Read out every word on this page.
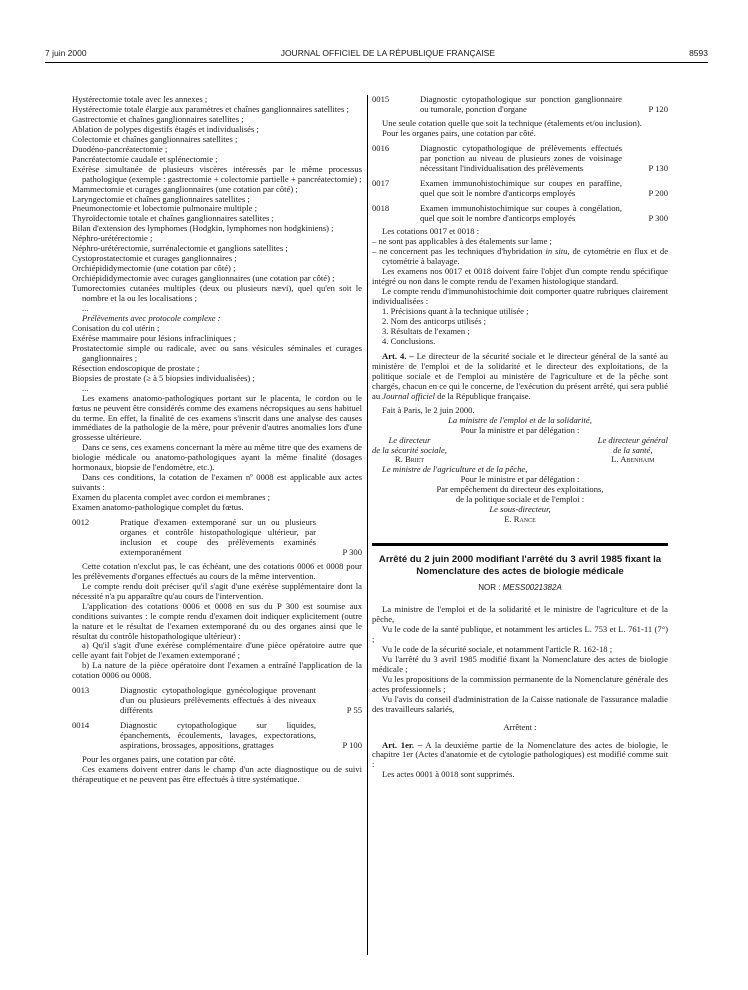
7 juin 2000	JOURNAL OFFICIEL DE LA RÉPUBLIQUE FRANÇAISE	8593

Hystérectomie totale avec les annexes ;

Hystérectomie totale élargie aux paramètres et chaînes ganglionnaires satellites ;

Gastrectomie et chaînes ganglionnaires satellites ;

Ablation de polypes digestifs étagés et individualisés ;

Colectomie et chaînes ganglionnaires satellites ;

Duodéno-pancréatectomie ;

Pancréatectomie caudale et splénectomie ;

Exérèse simultanée de plusieurs viscères intéressés par le même processus pathologique (exemple : gastrectomie + colectomie partielle + pancréatectomie) ;

Mammectomie et curages ganglionnaires (une cotation par côté) ;

Laryngectomie et chaînes ganglionnaires satellites ;

Pneumonectomie et lobectomie pulmonaire multiple ;

Thyroïdectomie totale et chaînes ganglionnaires satellites ;

Bilan d'extension des lymphomes (Hodgkin, lymphomes non hodgkiniens) ;

Néphro-urétérectomie ;

Néphro-urétérectomie, surrénalectomie et ganglions satellites ;

Cystoprostatectomie et curages ganglionnaires ;

Orchiépididymectomie (une cotation par côté) ;

Orchiépididymectomie avec curages ganglionnaires (une cotation par côté) ;

Tumorectomies cutanées multiples (deux ou plusieurs nævi), quel qu'en soit le nombre et la ou les localisations ;

...

Prélèvements avec protocole complexe :

Conisation du col utérin ;

Exérèse mammaire pour lésions infracliniques ;

Prostatectomie simple ou radicale, avec ou sans vésicules séminales et curages ganglionnaires ;

Résection endoscopique de prostate ;

Biopsies de prostate (≥ à 5 biopsies individualisées) ;

...

Les examens anatomo-pathologiques portant sur le placenta, le cordon ou le fœtus ne peuvent être considérés comme des examens nécropsiques au sens habituel du terme. En effet, la finalité de ces examens s'inscrit dans une analyse des causes immédiates de la pathologie de la mère, pour prévenir d'autres anomalies lors d'une grossesse ultérieure.

Dans ce sens, ces examens concernant la mère au même titre que des examens de biologie médicale ou anatomo-pathologiques ayant la même finalité (dosages hormonaux, biopsie de l'endomètre, etc.).

Dans ces conditions, la cotation de l'examen nº 0008 est applicable aux actes suivants :

Examen du placenta complet avec cordon et membranes ;

Examen anatomo-pathologique complet du fœtus.

0012	Pratique d'examen extemporané sur un ou plusieurs organes et contrôle histopathologique ultérieur, par inclusion et coupe des prélèvements examinés extemporanément	P 300

Cette cotation n'exclut pas, le cas échéant, une des cotations 0006 et 0008 pour les prélèvements d'organes effectués au cours de la même intervention.

Le compte rendu doit préciser qu'il s'agit d'une exérèse supplémentaire dont la nécessité n'a pu apparaître qu'au cours de l'intervention.

L'application des cotations 0006 et 0008 en sus du P 300 est soumise aux conditions suivantes : le compte rendu d'examen doit indiquer explicitement (outre la nature et le résultat de l'examen extemporané du ou des organes ainsi que le résultat du contrôle histopathologique ultérieur) :

a) Qu'il s'agit d'une exérèse complémentaire d'une pièce opératoire autre que celle ayant fait l'objet de l'examen extemporané ;

b) La nature de la pièce opératoire dont l'examen a entraîné l'application de la cotation 0006 ou 0008.

0013	Diagnostic cytopathologique gynécologique provenant d'un ou plusieurs prélèvements effectués à des niveaux différents	P 55
0014	Diagnostic cytopathologique sur liquides, épanchements, écoulements, lavages, expectorations, aspirations, brossages, appositions, grattages	P 100

Pour les organes pairs, une cotation par côté.

Ces examens doivent entrer dans le champ d'un acte diagnostique ou de suivi thérapeutique et ne peuvent pas être effectués à titre systématique.

0015	Diagnostic cytopathologique sur ponction ganglionnaire ou tumorale, ponction d'organe	P 120

Une seule cotation quelle que soit la technique (étalements et/ou inclusion).

Pour les organes pairs, une cotation par côté.

0016	Diagnostic cytopathologique de prélèvements effectués par ponction au niveau de plusieurs zones de voisinage nécessitant l'individualisation des prélèvements	P 130
0017	Examen immunohistochimique sur coupes en paraffine, quel que soit le nombre d'anticorps employés	P 200
0018	Examen immunohistochimique sur coupes à congélation, quel que soit le nombre d'anticorps employés	P 300

Les cotations 0017 et 0018 :

– ne sont pas applicables à des étalements sur lame ;

– ne concernent pas les techniques d'hybridation in situ, de cytométrie en flux et de cytométrie à balayage.

Les examens nos 0017 et 0018 doivent faire l'objet d'un compte rendu spécifique intégré ou non dans le compte rendu de l'examen histologique standard.

Le compte rendu d'immunohistochimie doit comporter quatre rubriques clairement individualisées :

1. Précisions quant à la technique utilisée ;
2. Nom des anticorps utilisés ;
3. Résultats de l'examen ;
4. Conclusions.

Art. 4. – Le directeur de la sécurité sociale et le directeur général de la santé au ministère de l'emploi et de la solidarité et le directeur des exploitations, de la politique sociale et de l'emploi au ministère de l'agriculture et de la pêche sont chargés, chacun en ce qui le concerne, de l'exécution du présent arrêté, qui sera publié au Journal officiel de la République française.

Fait à Paris, le 2 juin 2000.

La ministre de l'emploi et de la solidarité,

Pour la ministre et par délégation :

Le directeur

de la sécurité sociale,

R. Briet

Le directeur général

de la santé,

L. Abenhaim

Le ministre de l'agriculture et de la pêche,

Pour le ministre et par délégation :

Par empêchement du directeur des exploitations,

de la politique sociale et de l'emploi :

Le sous-directeur,

E. Rance

Arrêté du 2 juin 2000 modifiant l'arrêté du 3 avril 1985 fixant la Nomenclature des actes de biologie médicale

NOR : MESS0021382A

La ministre de l'emploi et de la solidarité et le ministre de l'agriculture et de la pêche,

Vu le code de la santé publique, et notamment les articles L. 753 et L. 761-11 (7°) ;

Vu le code de la sécurité sociale, et notamment l'article R. 162-18 ;

Vu l'arrêté du 3 avril 1985 modifié fixant la Nomenclature des actes de biologie médicale ;

Vu les propositions de la commission permanente de la Nomenclature générale des actes professionnels ;

Vu l'avis du conseil d'administration de la Caisse nationale de l'assurance maladie des travailleurs salariés,

Arrêtent :

Art. 1er. – A la deuxième partie de la Nomenclature des actes de biologie, le chapitre 1er (Actes d'anatomie et de cytologie pathologiques) est modifié comme suit :

Les actes 0001 à 0018 sont supprimés.
